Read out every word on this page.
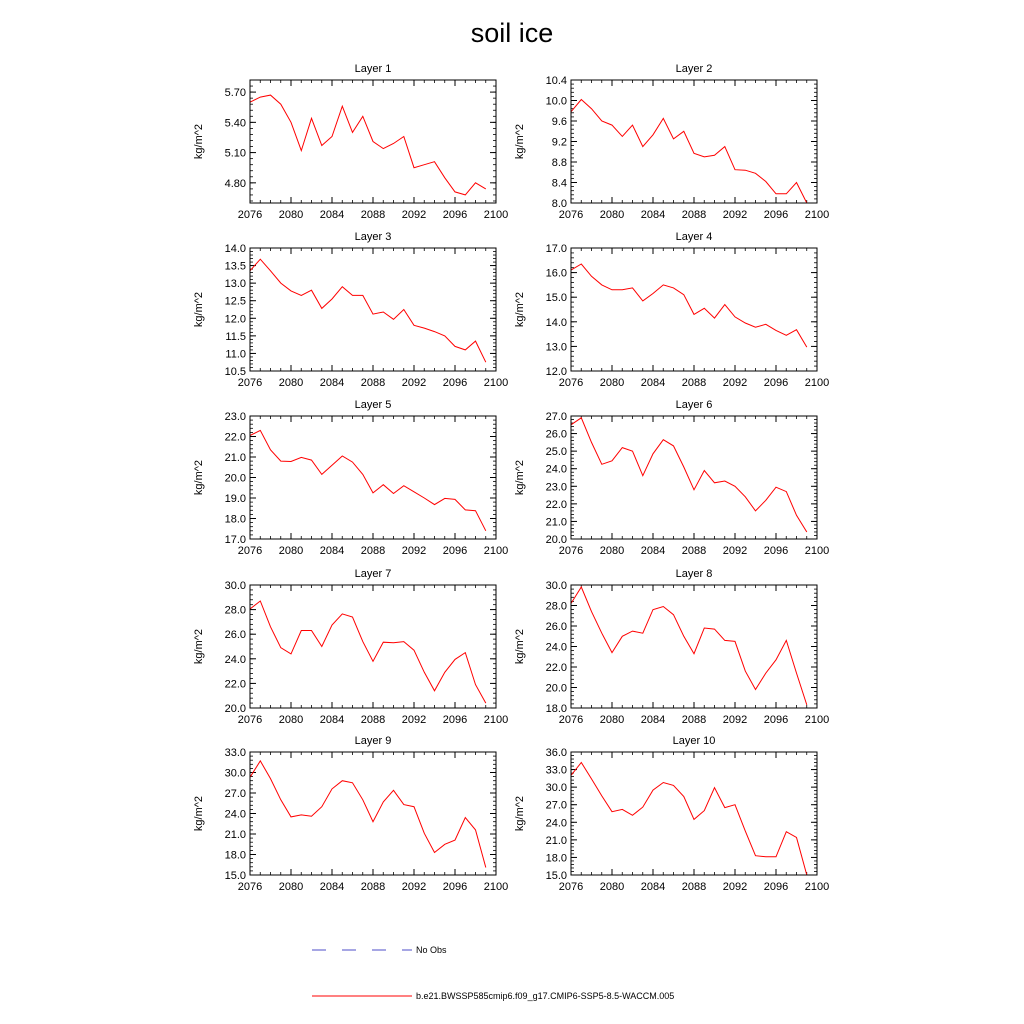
soil ice
Layer 1
kg/m^2
2076 2080 2084 2088 2092 2096 2100
4.80
5.10
5.40
5.70
Layer 2
kg/m^2
2076 2080 2084 2088 2092 2096 2100
8.0
8.4
8.8
9.2
9.6
10.0
10.4
Layer 3
kg/m^2
2076 2080 2084 2088 2092 2096 2100
10.5
11.0
11.5
12.0
12.5
13.0
13.5
14.0
Layer 4
kg/m^2
2076 2080 2084 2088 2092 2096 2100
12.0
13.0
14.0
15.0
16.0
17.0
Layer 5
kg/m^2
2076 2080 2084 2088 2092 2096 2100
17.0
18.0
19.0
20.0
21.0
22.0
23.0
Layer 6
kg/m^2
2076 2080 2084 2088 2092 2096 2100
20.0
21.0
22.0
23.0
24.0
25.0
26.0
27.0
Layer 7
kg/m^2
2076 2080 2084 2088 2092 2096 2100
20.0
22.0
24.0
26.0
28.0
30.0
Layer 8
kg/m^2
2076 2080 2084 2088 2092 2096 2100
18.0
20.0
22.0
24.0
26.0
28.0
30.0
Layer 9
kg/m^2
2076 2080 2084 2088 2092 2096 2100
15.0
18.0
21.0
24.0
27.0
30.0
33.0
Layer 10
kg/m^2
2076 2080 2084 2088 2092 2096 2100
15.0
18.0
21.0
24.0
27.0
30.0
33.0
36.0
No Obs
b.e21.BWSSP585cmip6.f09_g17.CMIP6-SSP5-8.5-WACCM.005
